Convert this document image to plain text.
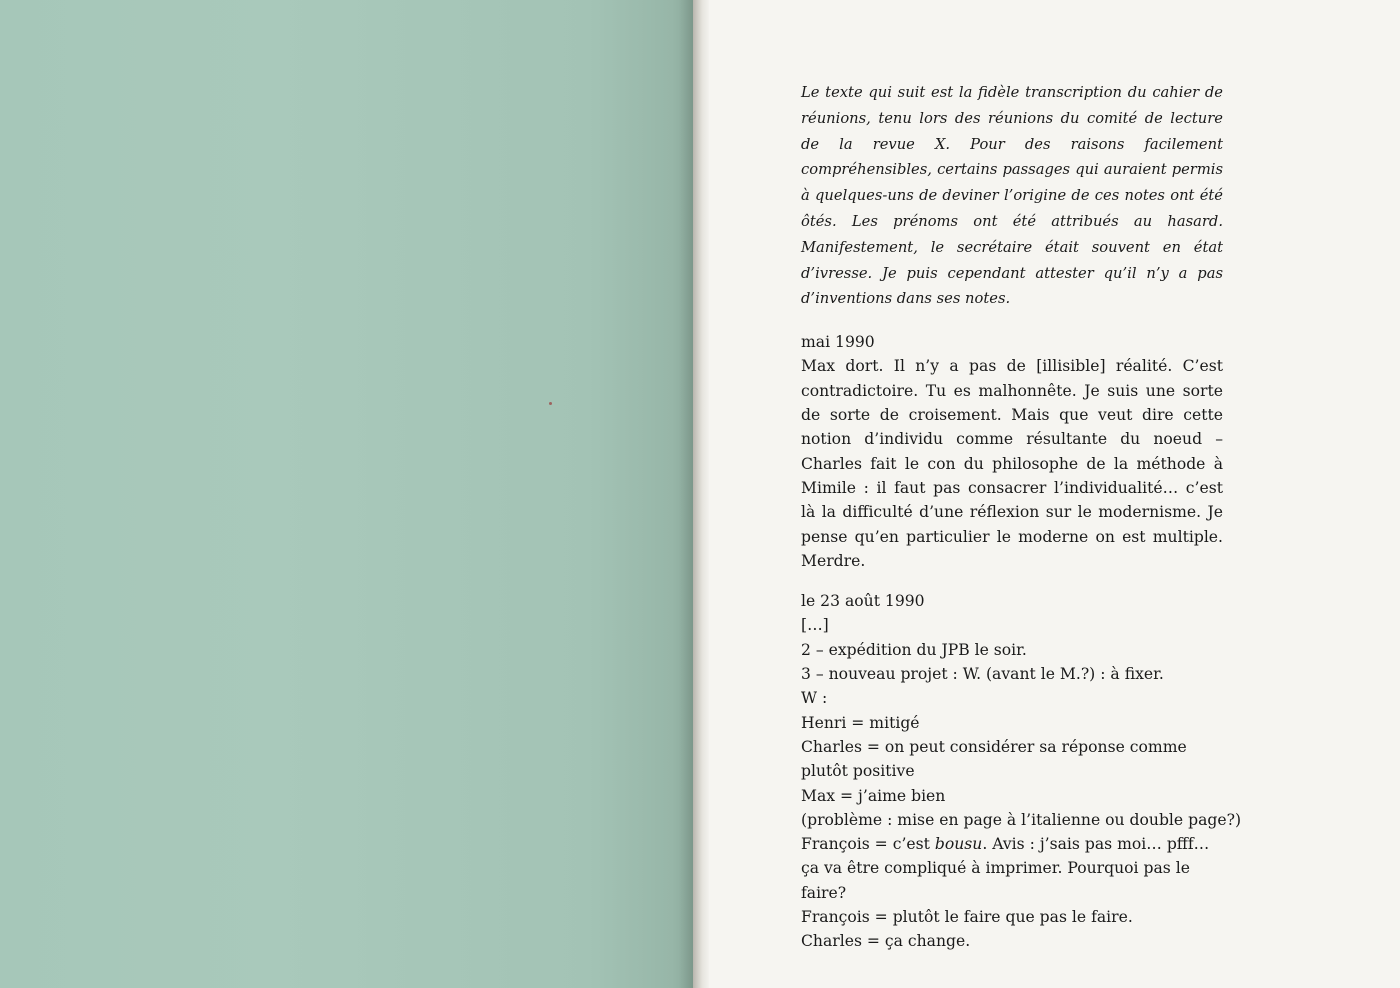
Le texte qui suit est la fidèle transcription du cahier de réunions, tenu lors des réunions du comité de lecture de la revue X. Pour des raisons facilement compréhensibles, certains passages qui auraient permis à quelques-uns de deviner l’origine de ces notes ont été ôtés. Les prénoms ont été attribués au hasard. Manifestement, le secrétaire était souvent en état d’ivresse. Je puis cependant attester qu’il n’y a pas d’inventions dans ses notes.

mai 1990
Max dort. Il n’y a pas de [illisible] réalité. C’est contradictoire. Tu es malhonnête. Je suis une sorte de sorte de croisement. Mais que veut dire cette notion d’individu comme résultante du noeud – Charles fait le con du philosophe de la méthode à Mimile : il faut pas consacrer l’individualité… c’est là la difficulté d’une réflexion sur le modernisme. Je pense qu’en particulier le moderne on est multiple. Merdre.
le 23 août 1990
[…]
2 – expédition du JPB le soir.
3 – nouveau projet : W. (avant le M.?) : à fixer.
W :
Henri = mitigé
Charles = on peut considérer sa réponse comme plutôt positive
Max = j’aime bien
(problème : mise en page à l’italienne ou double page?)
François = c’est bousu. Avis : j’sais pas moi… pfff… ça va être compliqué à imprimer. Pourquoi pas le faire?
François = plutôt le faire que pas le faire.
Charles = ça change.
